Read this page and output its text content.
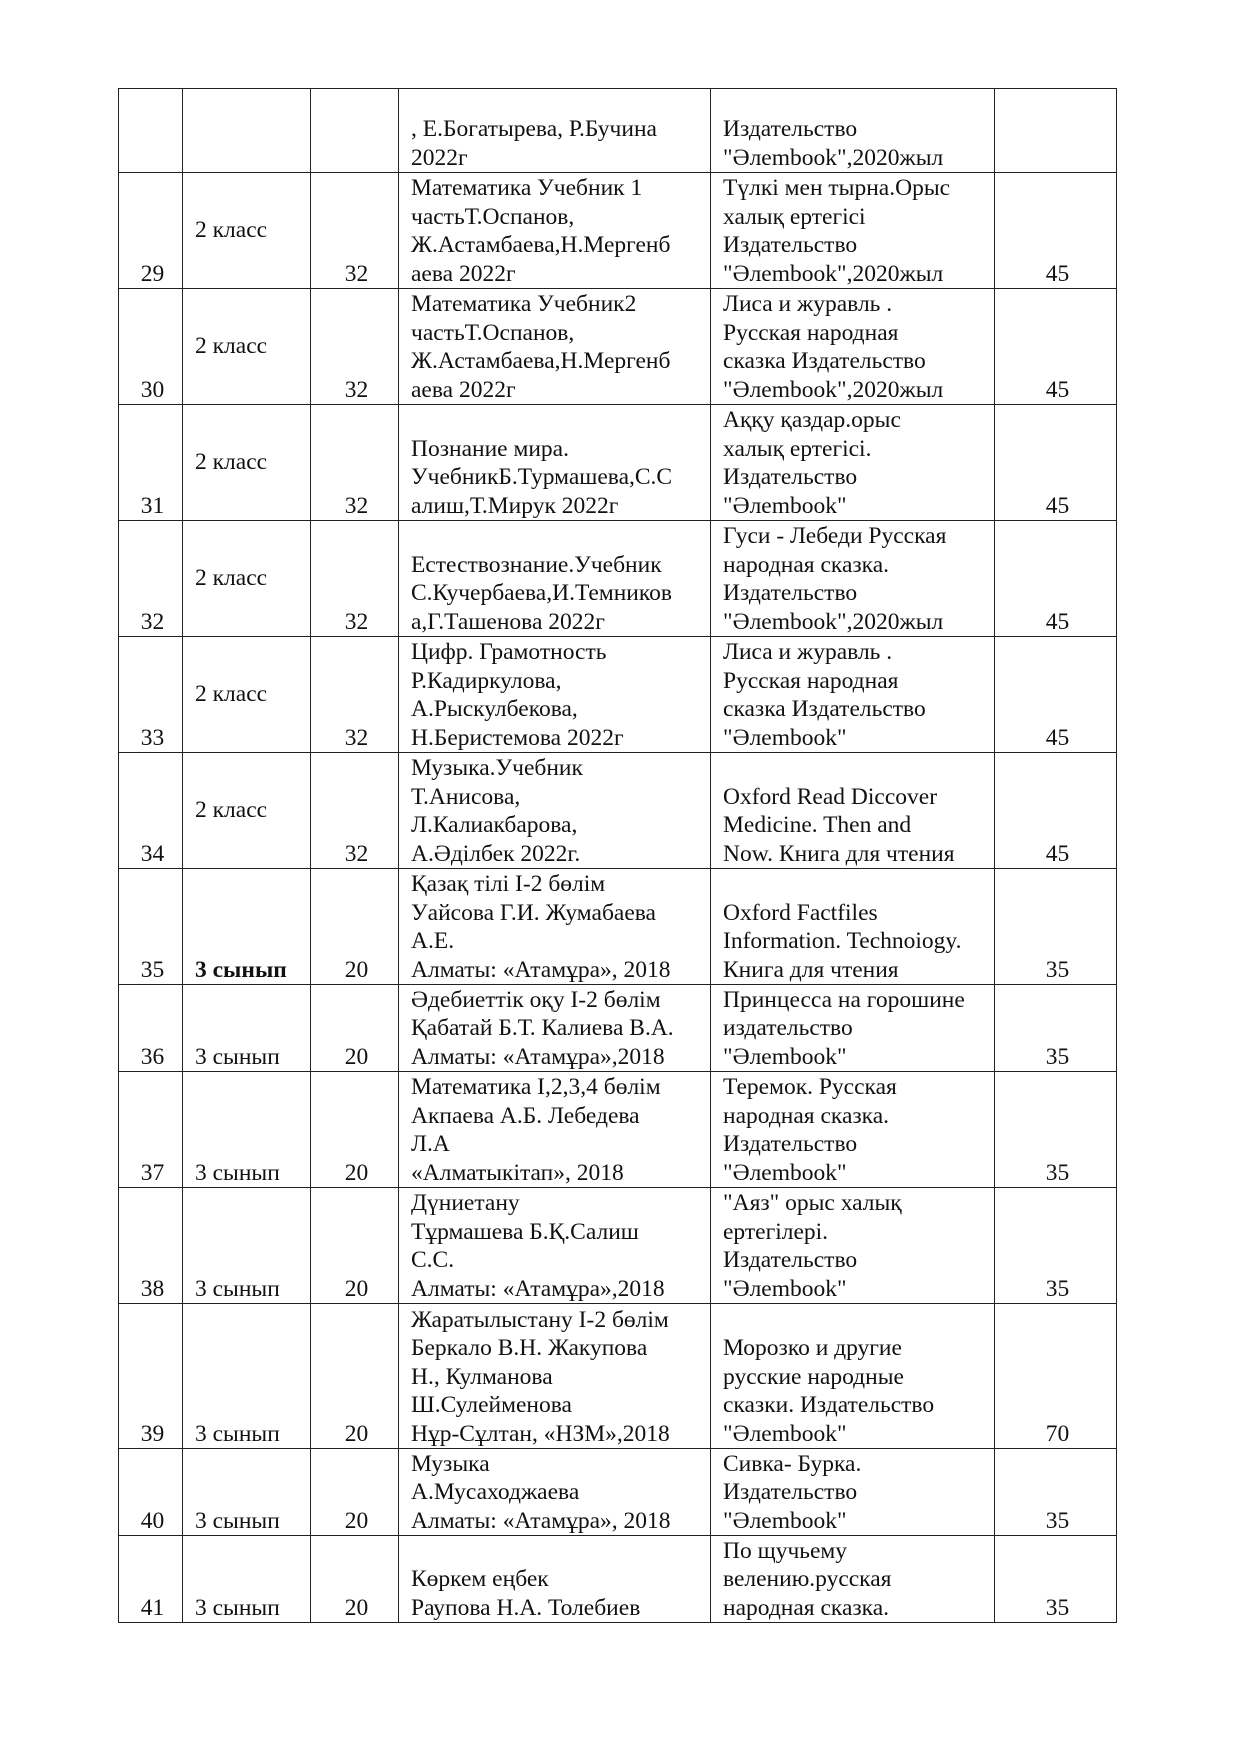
			, Е.Богатырева, Р.Бучина
2022г	Издательство
"Әлembook",2020жыл	
29	2 класс	32	Математика Учебник 1
частьТ.Оспанов,
Ж.Астамбаева,Н.Мергенб
аева 2022г	Түлкі мен тырна.Орыс
халық ертегісі
Издательство
"Әлembook",2020жыл	45
30	2 класс	32	Математика Учебник2
частьТ.Оспанов,
Ж.Астамбаева,Н.Мергенб
аева 2022г	Лиса и журавль .
Русская народная
сказка Издательство
"Әлembook",2020жыл	45
31	2 класс	32	Познание мира.
УчебникБ.Турмашева,С.С
алиш,Т.Мирук 2022г	Аққу қаздар.орыс
халық ертегісі.
Издательство
"Әлembook"	45
32	2 класс	32	Естествознание.Учебник
С.Кучербаева,И.Темников
а,Г.Ташенова 2022г	Гуси - Лебеди Русская
народная сказка.
Издательство
"Әлembook",2020жыл	45
33	2 класс	32	Цифр. Грамотность
Р.Кадиркулова,
А.Рыскулбекова,
Н.Беристемова 2022г	Лиса и журавль .
Русская народная
сказка Издательство
"Әлembook"	45
34	2 класс	32	Музыка.Учебник
Т.Анисова,
Л.Калиакбарова,
А.Әділбек 2022г.	Oxford Read Diccover
Medicine. Then and
Now. Книга для чтения	45
35	3 сынып	20	Қазақ тілі І-2 бөлім
Уайсова Г.И. Жумабаева
А.Е.
Алматы: «Атамұра», 2018	Oxford Factfiles
Information. Technoiogy.
Книга для чтения	35
36	3 сынып	20	Әдебиеттік оқу І-2 бөлім
Қабатай Б.Т. Калиева В.А.
Алматы: «Атамұра»,2018	Принцесса на горошине
издательство
"Әлembook"	35
37	3 сынып	20	Математика І,2,3,4 бөлім
Акпаева А.Б. Лебедева
Л.А
«Алматыкітап», 2018	Теремок. Русская
народная сказка.
Издательство
"Әлembook"	35
38	3 сынып	20	Дүниетану
Тұрмашева Б.Қ.Салиш
С.С.
Алматы: «Атамұра»,2018	"Аяз" орыс халық
ертегілері.
Издательство
"Әлembook"	35
39	3 сынып	20	Жаратылыстану І-2 бөлім
Беркало В.Н. Жакупова
Н., Кулманова
Ш.Сулейменова
Нұр-Сұлтан, «НЗМ»,2018	Морозко и другие
русские народные
сказки. Издательство
"Әлembook"	70
40	3 сынып	20	Музыка
А.Мусаходжаева
Алматы: «Атамұра», 2018	Сивка- Бурка.
Издательство
"Әлembook"	35
41	3 сынып	20	
Көркем еңбек
Раупова Н.А. Толебиев	По щучьему
велению.русская
народная сказка.	35
